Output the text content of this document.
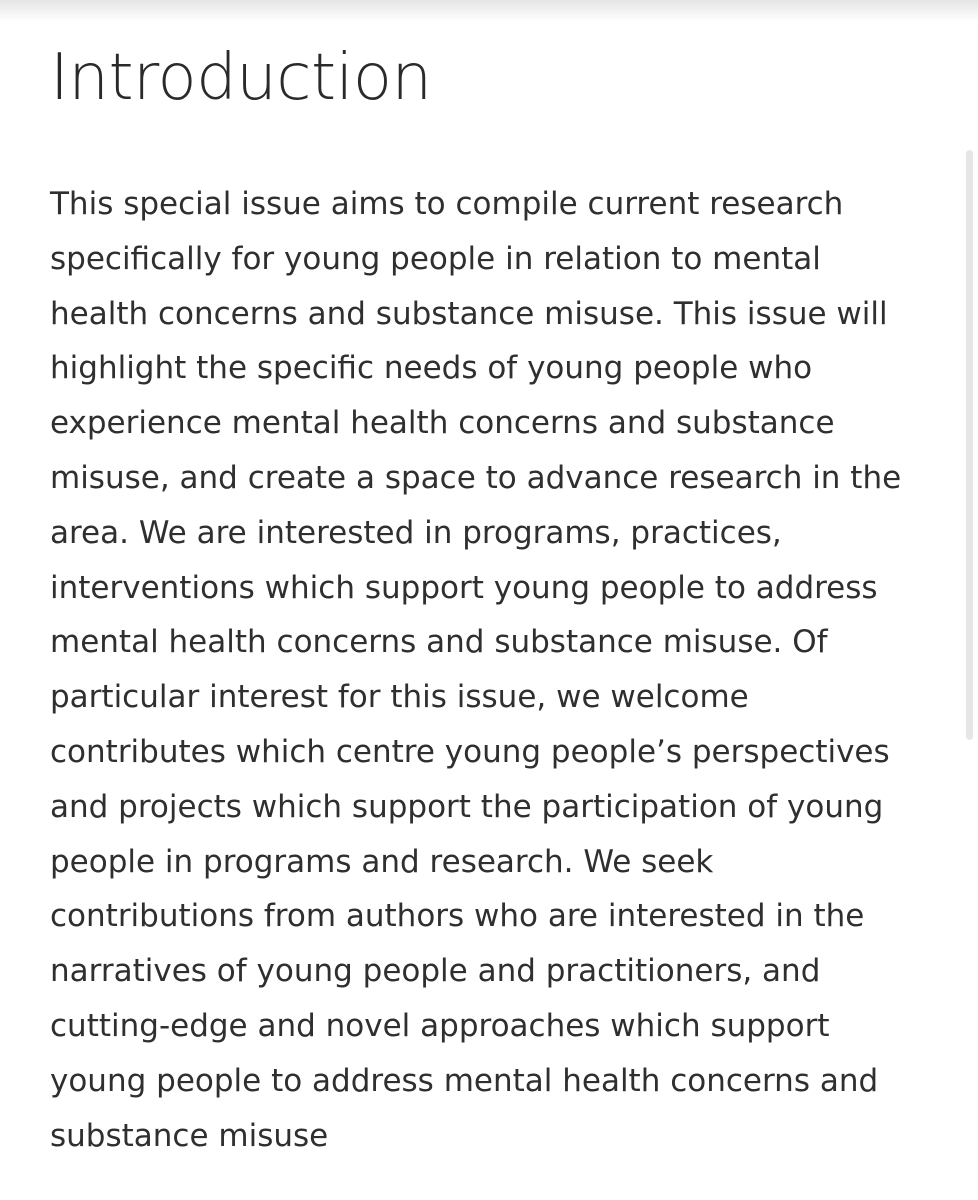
Introduction

This special issue aims to compile current research
specifically for young people in relation to mental
health concerns and substance misuse. This issue will
highlight the specific needs of young people who
experience mental health concerns and substance
misuse, and create a space to advance research in the
area. We are interested in programs, practices,
interventions which support young people to address
mental health concerns and substance misuse. Of
particular interest for this issue, we welcome
contributes which centre young people’s perspectives
and projects which support the participation of young
people in programs and research. We seek
contributions from authors who are interested in the
narratives of young people and practitioners, and
cutting-edge and novel approaches which support
young people to address mental health concerns and
substance misuse
